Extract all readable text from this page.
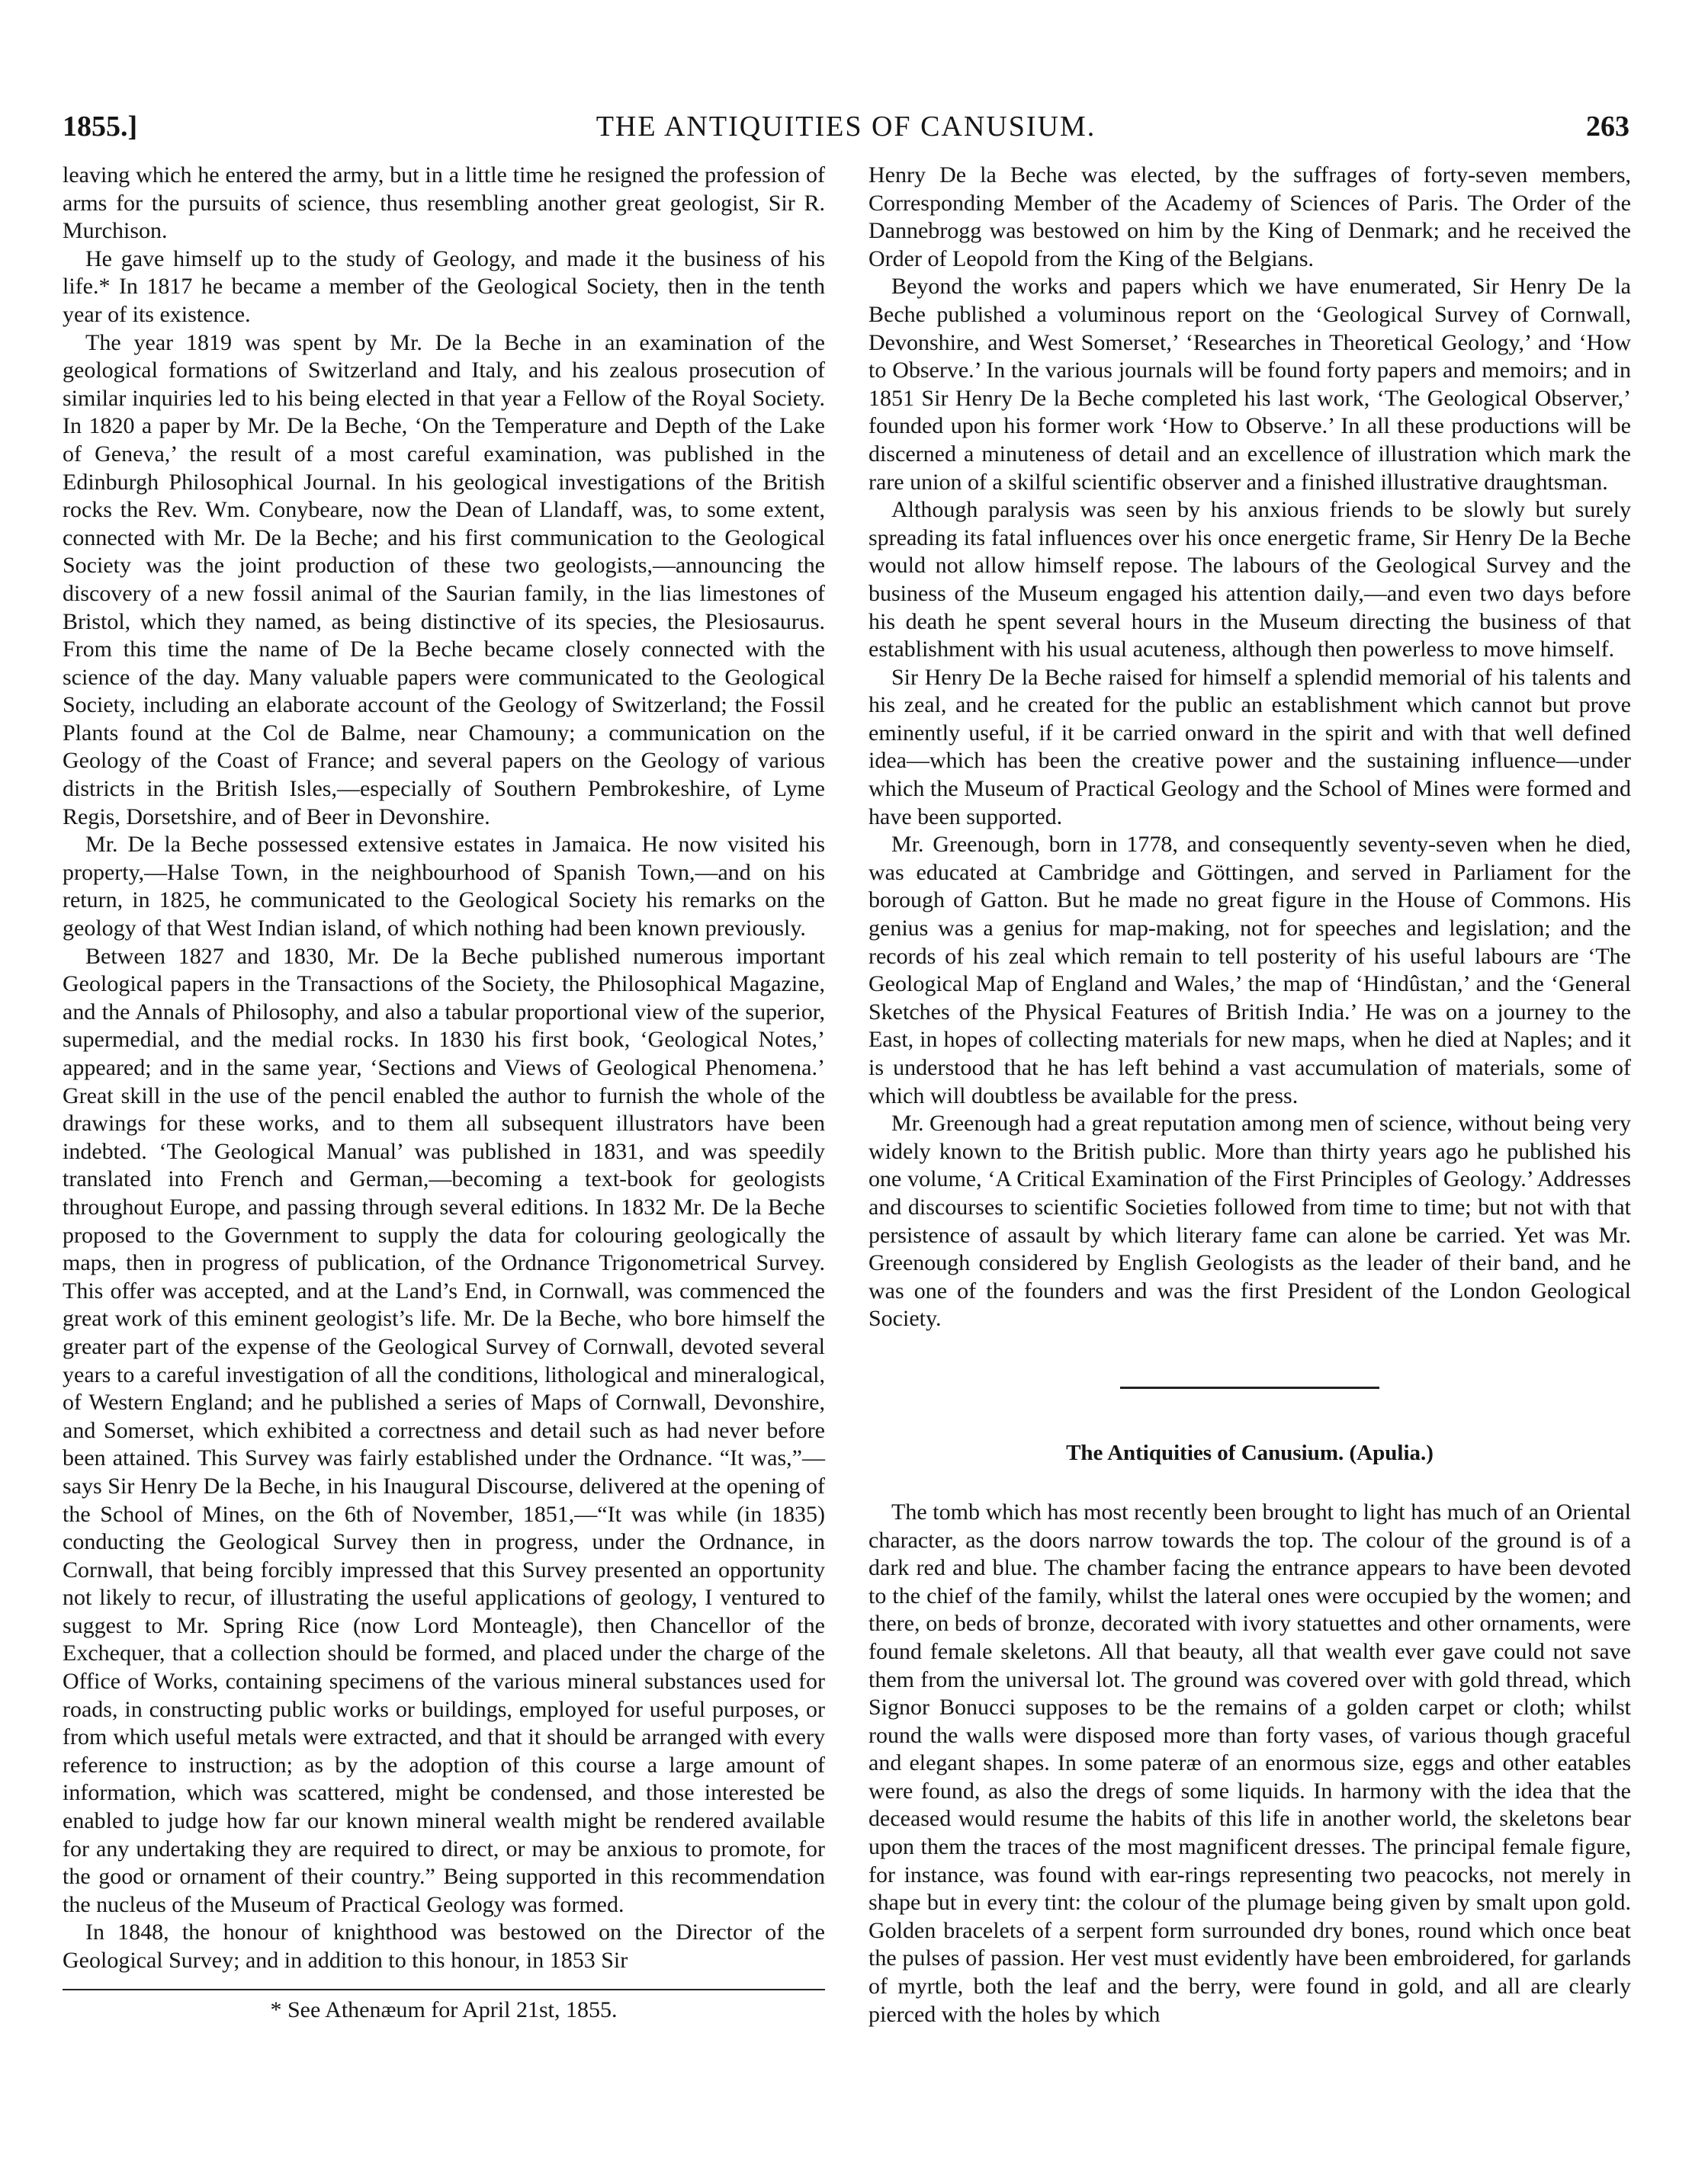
1855.]	THE ANTIQUITIES OF CANUSIUM.	263

leaving which he entered the army, but in a little time he resigned the profession of arms for the pursuits of science, thus resembling another great geologist, Sir R. Murchison.

He gave himself up to the study of Geology, and made it the business of his life.* In 1817 he became a member of the Geological Society, then in the tenth year of its existence.

The year 1819 was spent by Mr. De la Beche in an examination of the geological formations of Switzerland and Italy, and his zealous prosecution of similar inquiries led to his being elected in that year a Fellow of the Royal Society. In 1820 a paper by Mr. De la Beche, ‘On the Temperature and Depth of the Lake of Geneva,’ the result of a most careful examination, was published in the Edinburgh Philosophical Journal. In his geological investigations of the British rocks the Rev. Wm. Conybeare, now the Dean of Llandaff, was, to some extent, connected with Mr. De la Beche; and his first communication to the Geological Society was the joint production of these two geologists,—announcing the discovery of a new fossil animal of the Saurian family, in the lias limestones of Bristol, which they named, as being distinctive of its species, the Plesiosaurus. From this time the name of De la Beche became closely connected with the science of the day. Many valuable papers were communicated to the Geological Society, including an elaborate account of the Geology of Switzerland; the Fossil Plants found at the Col de Balme, near Chamouny; a communication on the Geology of the Coast of France; and several papers on the Geology of various districts in the British Isles,—especially of Southern Pembrokeshire, of Lyme Regis, Dorsetshire, and of Beer in Devonshire.

Mr. De la Beche possessed extensive estates in Jamaica. He now visited his property,—Halse Town, in the neighbourhood of Spanish Town,—and on his return, in 1825, he communicated to the Geological Society his remarks on the geology of that West Indian island, of which nothing had been known previously.

Between 1827 and 1830, Mr. De la Beche published numerous important Geological papers in the Transactions of the Society, the Philosophical Magazine, and the Annals of Philosophy, and also a tabular proportional view of the superior, supermedial, and the medial rocks. In 1830 his first book, ‘Geological Notes,’ appeared; and in the same year, ‘Sections and Views of Geological Phenomena.’ Great skill in the use of the pencil enabled the author to furnish the whole of the drawings for these works, and to them all subsequent illustrators have been indebted. ‘The Geological Manual’ was published in 1831, and was speedily translated into French and German,—becoming a text-book for geologists throughout Europe, and passing through several editions. In 1832 Mr. De la Beche proposed to the Government to supply the data for colouring geologically the maps, then in progress of publication, of the Ordnance Trigonometrical Survey. This offer was accepted, and at the Land’s End, in Cornwall, was commenced the great work of this eminent geologist’s life. Mr. De la Beche, who bore himself the greater part of the expense of the Geological Survey of Cornwall, devoted several years to a careful investigation of all the conditions, lithological and mineralogical, of Western England; and he published a series of Maps of Cornwall, Devonshire, and Somerset, which exhibited a correctness and detail such as had never before been attained. This Survey was fairly established under the Ordnance. “It was,”—says Sir Henry De la Beche, in his Inaugural Discourse, delivered at the opening of the School of Mines, on the 6th of November, 1851,—“It was while (in 1835) conducting the Geological Survey then in progress, under the Ordnance, in Cornwall, that being forcibly impressed that this Survey presented an opportunity not likely to recur, of illustrating the useful applications of geology, I ventured to suggest to Mr. Spring Rice (now Lord Monteagle), then Chancellor of the Exchequer, that a collection should be formed, and placed under the charge of the Office of Works, containing specimens of the various mineral substances used for roads, in constructing public works or buildings, employed for useful purposes, or from which useful metals were extracted, and that it should be arranged with every reference to instruction; as by the adoption of this course a large amount of information, which was scattered, might be condensed, and those interested be enabled to judge how far our known mineral wealth might be rendered available for any undertaking they are required to direct, or may be anxious to promote, for the good or ornament of their country.” Being supported in this recommendation the nucleus of the Museum of Practical Geology was formed.

In 1848, the honour of knighthood was bestowed on the Director of the Geological Survey; and in addition to this honour, in 1853 Sir

* See Athenæum for April 21st, 1855.

Henry De la Beche was elected, by the suffrages of forty-seven members, Corresponding Member of the Academy of Sciences of Paris. The Order of the Dannebrogg was bestowed on him by the King of Denmark; and he received the Order of Leopold from the King of the Belgians.

Beyond the works and papers which we have enumerated, Sir Henry De la Beche published a voluminous report on the ‘Geological Survey of Cornwall, Devonshire, and West Somerset,’ ‘Researches in Theoretical Geology,’ and ‘How to Observe.’ In the various journals will be found forty papers and memoirs; and in 1851 Sir Henry De la Beche completed his last work, ‘The Geological Observer,’ founded upon his former work ‘How to Observe.’ In all these productions will be discerned a minuteness of detail and an excellence of illustration which mark the rare union of a skilful scientific observer and a finished illustrative draughtsman.

Although paralysis was seen by his anxious friends to be slowly but surely spreading its fatal influences over his once energetic frame, Sir Henry De la Beche would not allow himself repose. The labours of the Geological Survey and the business of the Museum engaged his attention daily,—and even two days before his death he spent several hours in the Museum directing the business of that establishment with his usual acuteness, although then powerless to move himself.

Sir Henry De la Beche raised for himself a splendid memorial of his talents and his zeal, and he created for the public an establishment which cannot but prove eminently useful, if it be carried onward in the spirit and with that well defined idea—which has been the creative power and the sustaining influence—under which the Museum of Practical Geology and the School of Mines were formed and have been supported.

Mr. Greenough, born in 1778, and consequently seventy-seven when he died, was educated at Cambridge and Göttingen, and served in Parliament for the borough of Gatton. But he made no great figure in the House of Commons. His genius was a genius for map-making, not for speeches and legislation; and the records of his zeal which remain to tell posterity of his useful labours are ‘The Geological Map of England and Wales,’ the map of ‘Hindûstan,’ and the ‘General Sketches of the Physical Features of British India.’ He was on a journey to the East, in hopes of collecting materials for new maps, when he died at Naples; and it is understood that he has left behind a vast accumulation of materials, some of which will doubtless be available for the press.

Mr. Greenough had a great reputation among men of science, without being very widely known to the British public. More than thirty years ago he published his one volume, ‘A Critical Examination of the First Principles of Geology.’ Addresses and discourses to scientific Societies followed from time to time; but not with that persistence of assault by which literary fame can alone be carried. Yet was Mr. Greenough considered by English Geologists as the leader of their band, and he was one of the founders and was the first President of the London Geological Society.

The Antiquities of Canusium. (Apulia.)

The tomb which has most recently been brought to light has much of an Oriental character, as the doors narrow towards the top. The colour of the ground is of a dark red and blue. The chamber facing the entrance appears to have been devoted to the chief of the family, whilst the lateral ones were occupied by the women; and there, on beds of bronze, decorated with ivory statuettes and other ornaments, were found female skeletons. All that beauty, all that wealth ever gave could not save them from the universal lot. The ground was covered over with gold thread, which Signor Bonucci supposes to be the remains of a golden carpet or cloth; whilst round the walls were disposed more than forty vases, of various though graceful and elegant shapes. In some pateræ of an enormous size, eggs and other eatables were found, as also the dregs of some liquids. In harmony with the idea that the deceased would resume the habits of this life in another world, the skeletons bear upon them the traces of the most magnificent dresses. The principal female figure, for instance, was found with ear-rings representing two peacocks, not merely in shape but in every tint: the colour of the plumage being given by smalt upon gold. Golden bracelets of a serpent form surrounded dry bones, round which once beat the pulses of passion. Her vest must evidently have been embroidered, for garlands of myrtle, both the leaf and the berry, were found in gold, and all are clearly pierced with the holes by which
